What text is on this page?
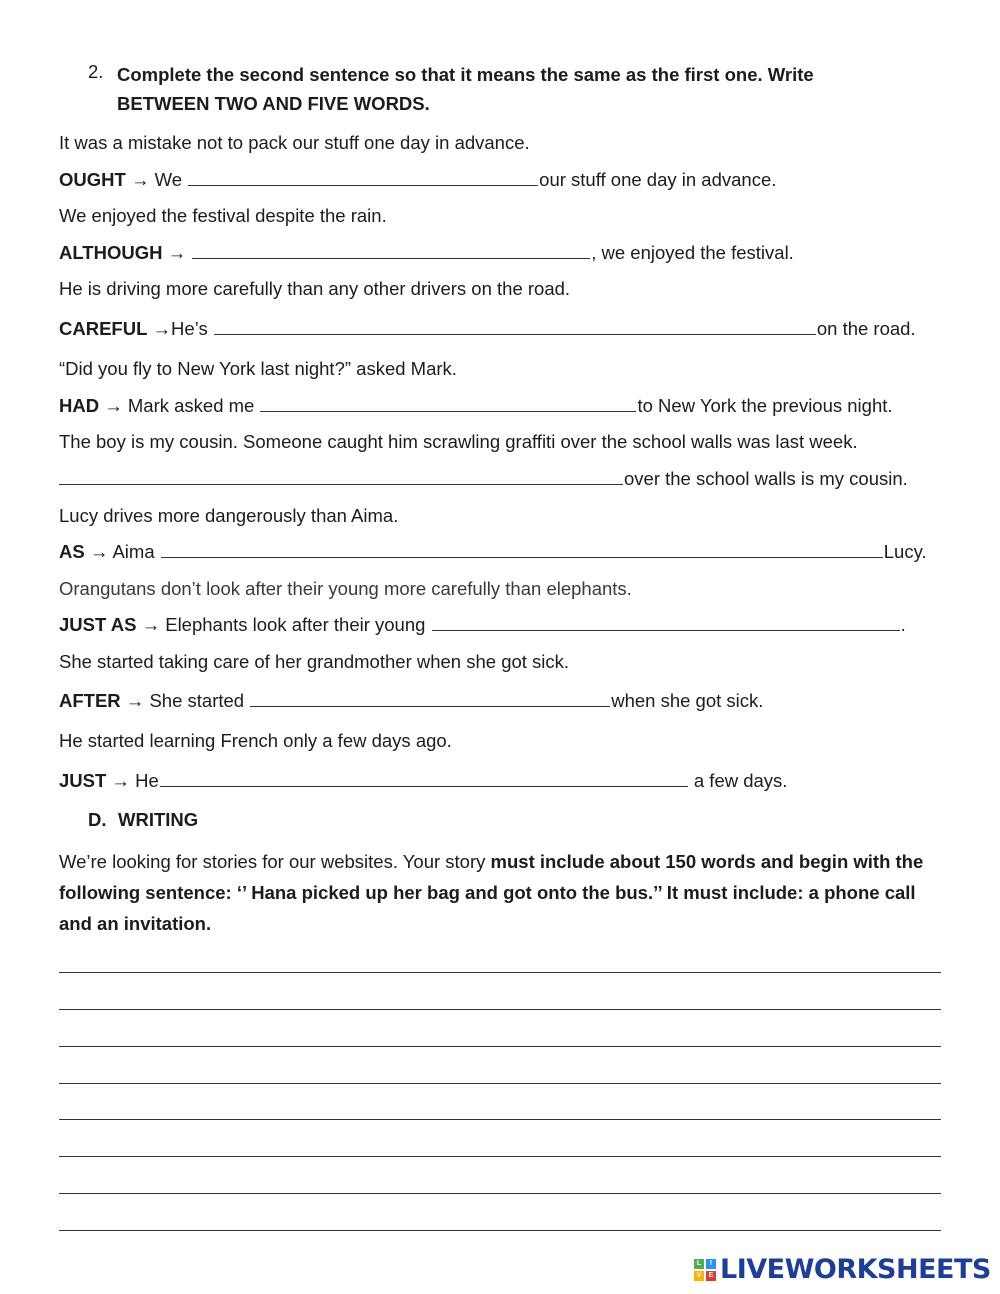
2. Complete the second sentence so that it means the same as the first one. Write BETWEEN TWO AND FIVE WORDS.
It was a mistake not to pack our stuff one day in advance.
OUGHT → We	our stuff one day in advance.
We enjoyed the festival despite the rain.
ALTHOUGH →	, we enjoyed the festival.
He is driving more carefully than any other drivers on the road.
CAREFUL →He’s	on the road.
“Did you fly to New York last night?” asked Mark.
HAD → Mark asked me	to New York the previous night.
The boy is my cousin. Someone caught him scrawling graffiti over the school walls was last week.
over the school walls is my cousin.
Lucy drives more dangerously than Aima.
AS → Aima	Lucy.
Orangutans don’t look after their young more carefully than elephants.
JUST AS → Elephants look after their young	.
She started taking care of her grandmother when she got sick.
AFTER → She started	when she got sick.
He started learning French only a few days ago.
JUST → He	a few days.
D. WRITING
We’re looking for stories for our websites. Your story must include about 150 words and begin with the following sentence: ‘’ Hana picked up her bag and got onto the bus.’’ It must include: a phone call and an invitation.
L	I
V	E LIVEWORKSHEETS
